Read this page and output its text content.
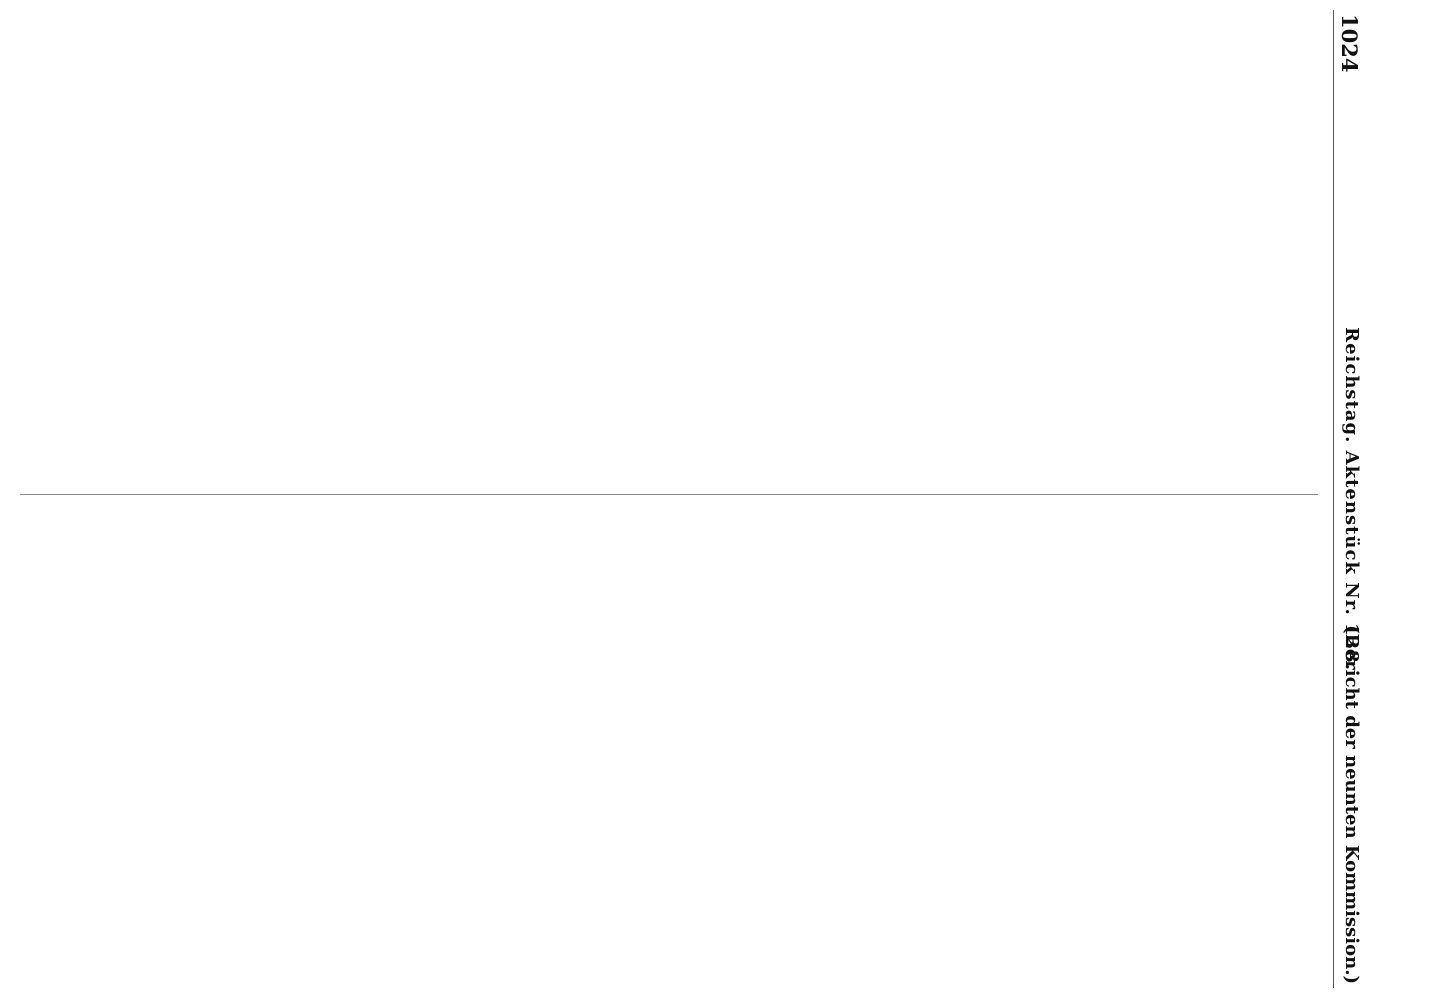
1024
Reichstag. Aktenstück Nr. 128.
(Bericht der neunten Kommission.)
